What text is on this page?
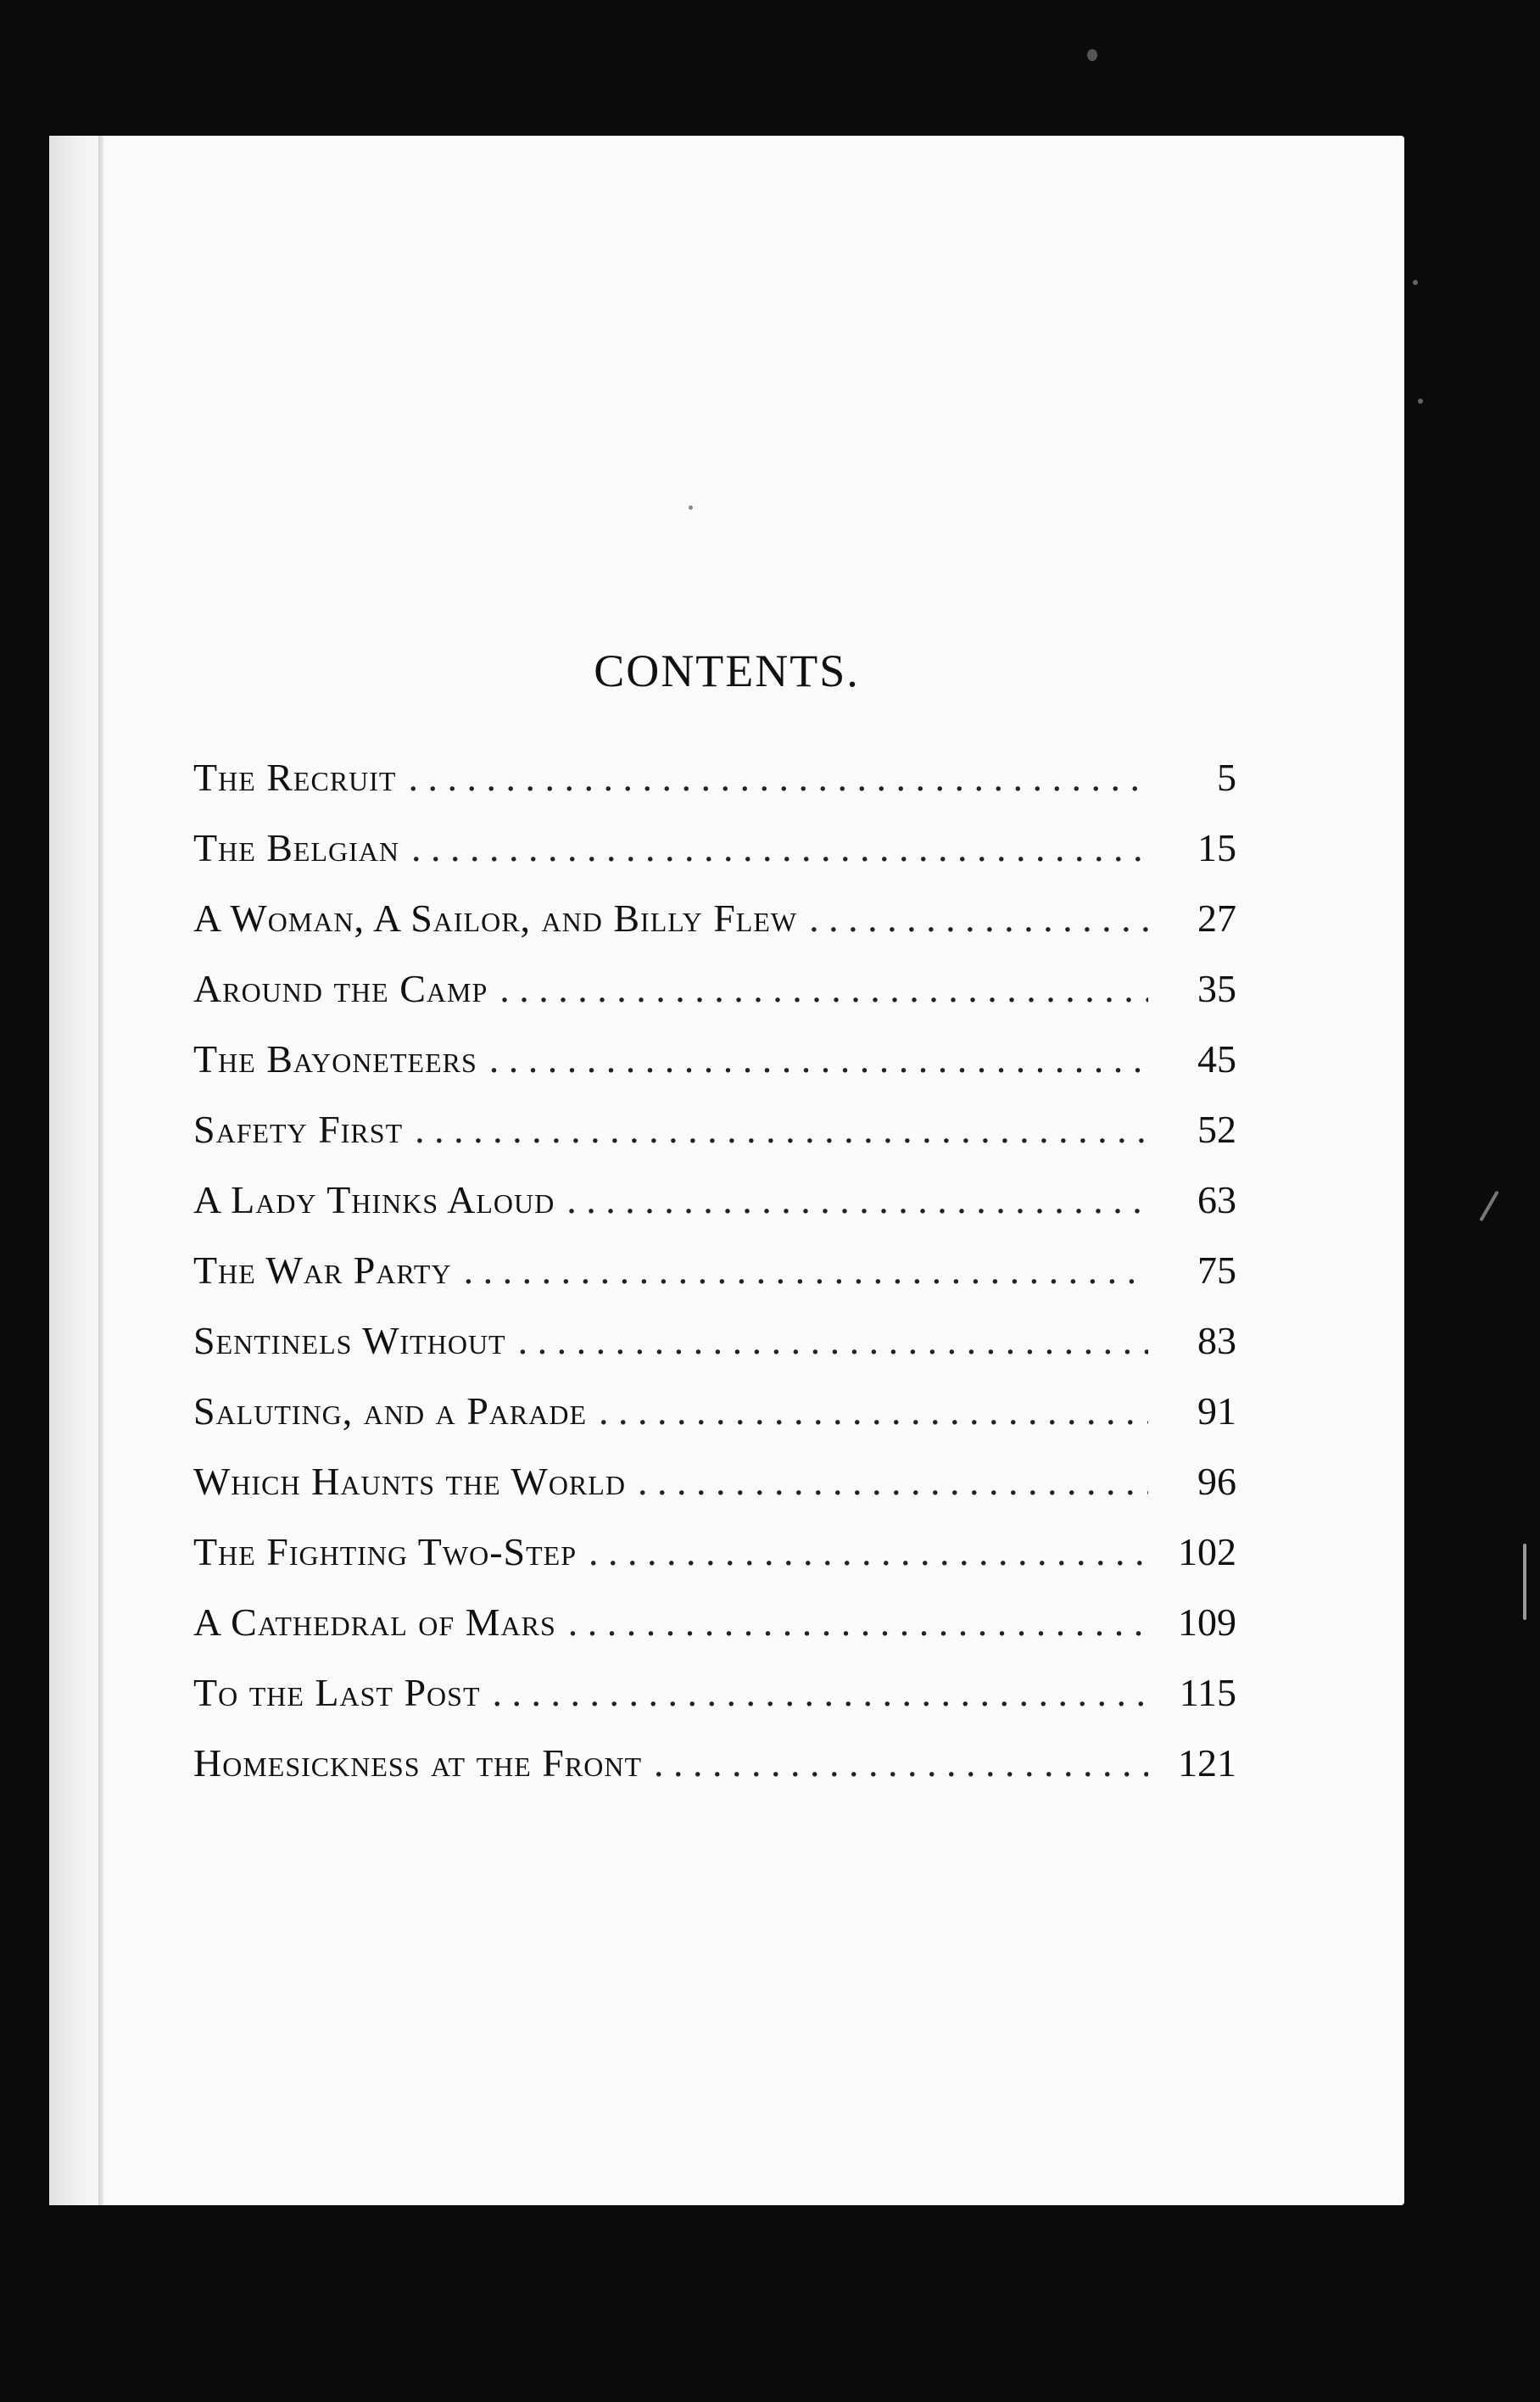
CONTENTS.
The Recruit . . .	5
The Belgian . . .	15
A Woman, A Sailor, and Billy Flew . . .	27
Around the Camp . . .	35
The Bayoneteers . . .	45
Safety First . . .	52
A Lady Thinks Aloud . . .	63
The War Party . . .	75
Sentinels Without . . .	83
Saluting, and a Parade . . .	91
Which Haunts the World . . .	96
The Fighting Two-Step . . .	102
A Cathedral of Mars . . .	109
To the Last Post . . .	115
Homesickness at the Front . . .	121
